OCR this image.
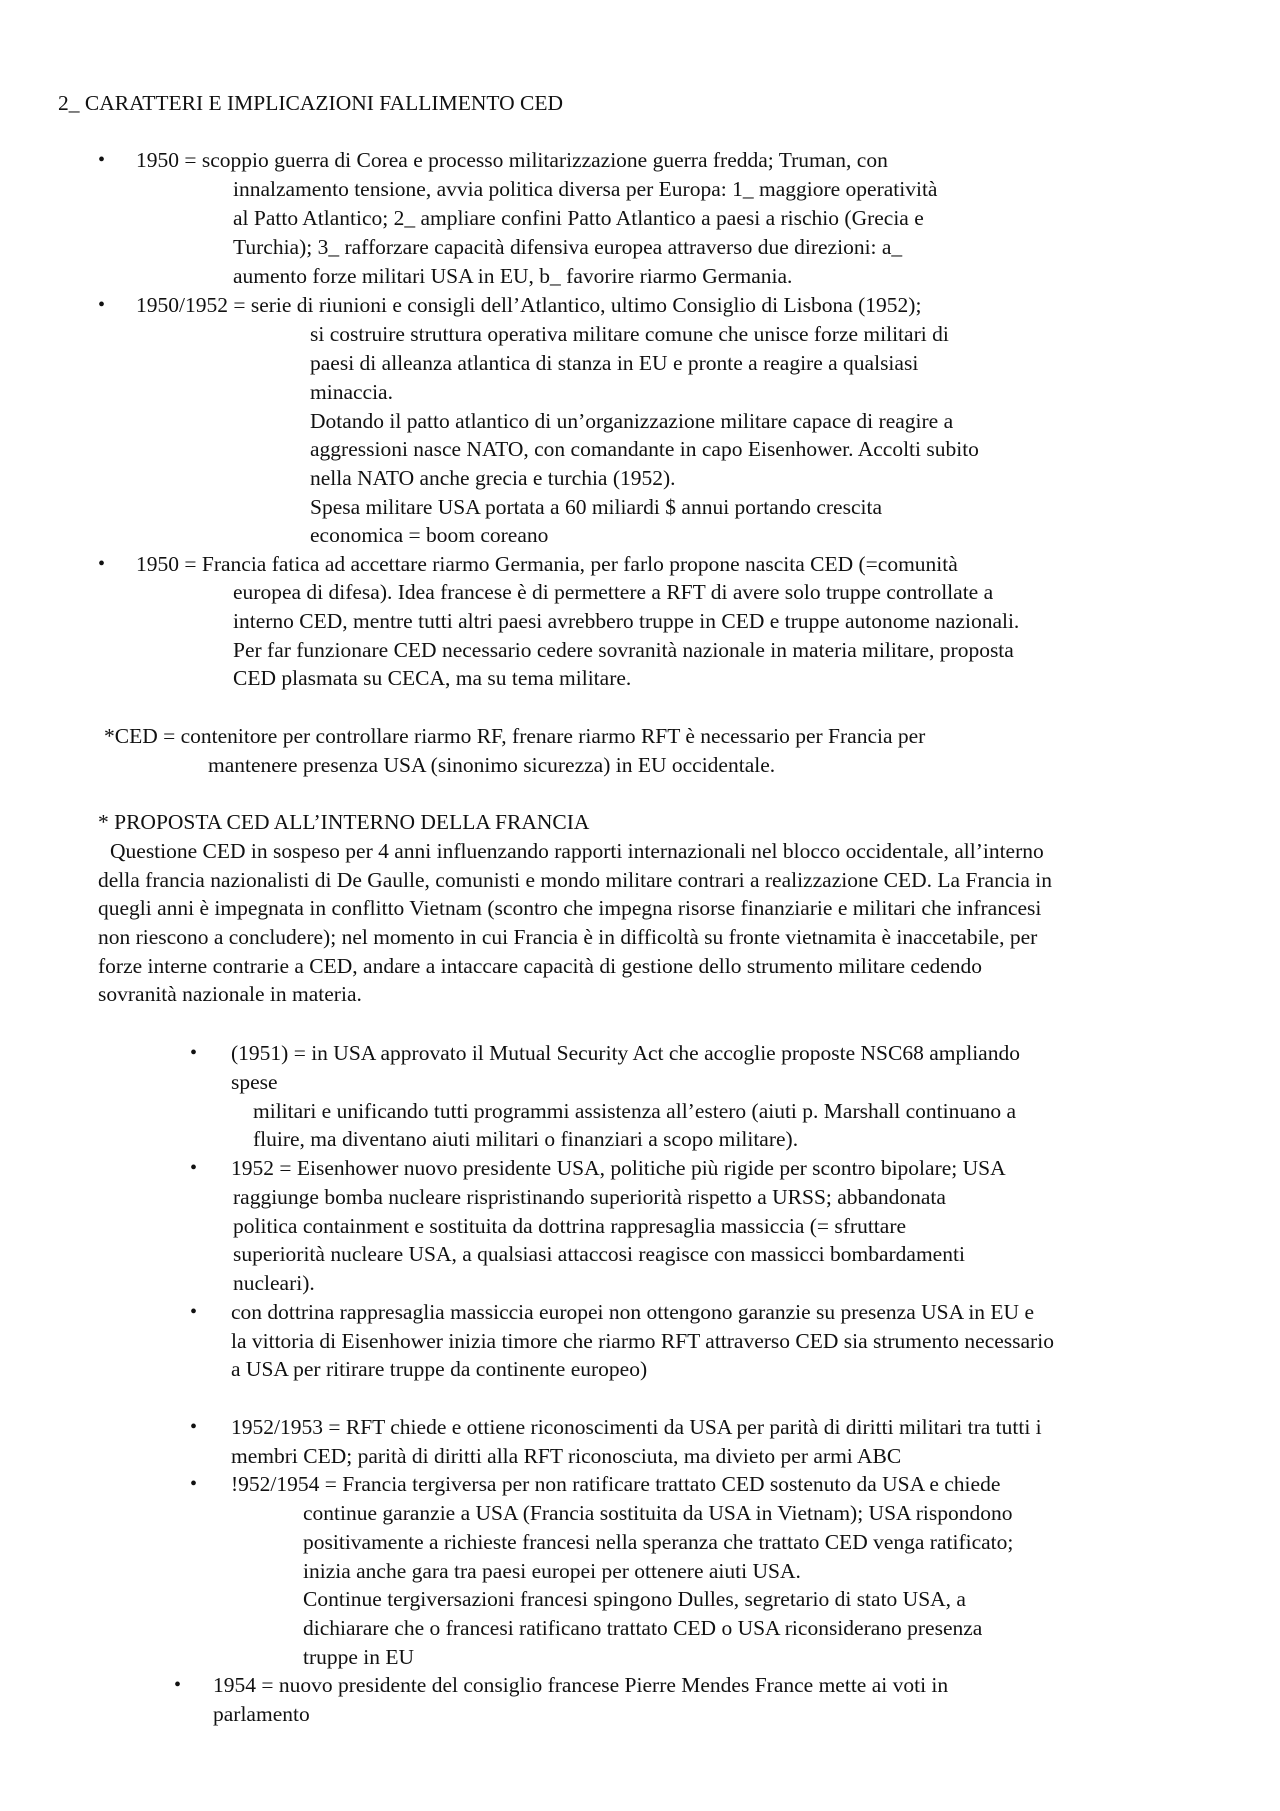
2_ CARATTERI E IMPLICAZIONI FALLIMENTO CED
• 1950 = scoppio guerra di Corea e processo militarizzazione guerra fredda; Truman, con
innalzamento tensione, avvia politica diversa per Europa: 1_ maggiore operatività
al Patto Atlantico; 2_ ampliare confini Patto Atlantico a paesi a rischio (Grecia e
Turchia); 3_ rafforzare capacità difensiva europea attraverso due direzioni: a_
aumento forze militari USA in EU, b_ favorire riarmo Germania.
• 1950/1952 = serie di riunioni e consigli dell’Atlantico, ultimo Consiglio di Lisbona (1952);
si costruire struttura operativa militare comune che unisce forze militari di
paesi di alleanza atlantica di stanza in EU e pronte a reagire a qualsiasi
minaccia.
Dotando il patto atlantico di un’organizzazione militare capace di reagire a
aggressioni nasce NATO, con comandante in capo Eisenhower. Accolti subito
nella NATO anche grecia e turchia (1952).
Spesa militare USA portata a 60 miliardi $ annui portando crescita
economica = boom coreano
• 1950 = Francia fatica ad accettare riarmo Germania, per farlo propone nascita CED (=comunità
europea di difesa). Idea francese è di permettere a RFT di avere solo truppe controllate a
interno CED, mentre tutti altri paesi avrebbero truppe in CED e truppe autonome nazionali.
Per far funzionare CED necessario cedere sovranità nazionale in materia militare, proposta
CED plasmata su CECA, ma su tema militare.
*CED = contenitore per controllare riarmo RF, frenare riarmo RFT è necessario per Francia per
mantenere presenza USA (sinonimo sicurezza) in EU occidentale.
* PROPOSTA CED ALL’INTERNO DELLA FRANCIA
Questione CED in sospeso per 4 anni influenzando rapporti internazionali nel blocco occidentale, all’interno
della francia nazionalisti di De Gaulle, comunisti e mondo militare contrari a realizzazione CED. La Francia in
quegli anni è impegnata in conflitto Vietnam (scontro che impegna risorse finanziarie e militari che infrancesi
non riescono a concludere); nel momento in cui Francia è in difficoltà su fronte vietnamita è inaccetabile, per
forze interne contrarie a CED, andare a intaccare capacità di gestione dello strumento militare cedendo
sovranità nazionale in materia.
• (1951) = in USA approvato il Mutual Security Act che accoglie proposte NSC68 ampliando
spese
militari e unificando tutti programmi assistenza all’estero (aiuti p. Marshall continuano a
fluire, ma diventano aiuti militari o finanziari a scopo militare).
• 1952 = Eisenhower nuovo presidente USA, politiche più rigide per scontro bipolare; USA
raggiunge bomba nucleare rispristinando superiorità rispetto a URSS; abbandonata
politica containment e sostituita da dottrina rappresaglia massiccia (= sfruttare
superiorità nucleare USA, a qualsiasi attaccosi reagisce con massicci bombardamenti
nucleari).
• con dottrina rappresaglia massiccia europei non ottengono garanzie su presenza USA in EU e
la vittoria di Eisenhower inizia timore che riarmo RFT attraverso CED sia strumento necessario
a USA per ritirare truppe da continente europeo)
• 1952/1953 = RFT chiede e ottiene riconoscimenti da USA per parità di diritti militari tra tutti i
membri CED; parità di diritti alla RFT riconosciuta, ma divieto per armi ABC
• !952/1954 = Francia tergiversa per non ratificare trattato CED sostenuto da USA e chiede
continue garanzie a USA (Francia sostituita da USA in Vietnam); USA rispondono
positivamente a richieste francesi nella speranza che trattato CED venga ratificato;
inizia anche gara tra paesi europei per ottenere aiuti USA.
Continue tergiversazioni francesi spingono Dulles, segretario di stato USA, a
dichiarare che o francesi ratificano trattato CED o USA riconsiderano presenza
truppe in EU
• 1954 = nuovo presidente del consiglio francese Pierre Mendes France mette ai voti in
parlamento
